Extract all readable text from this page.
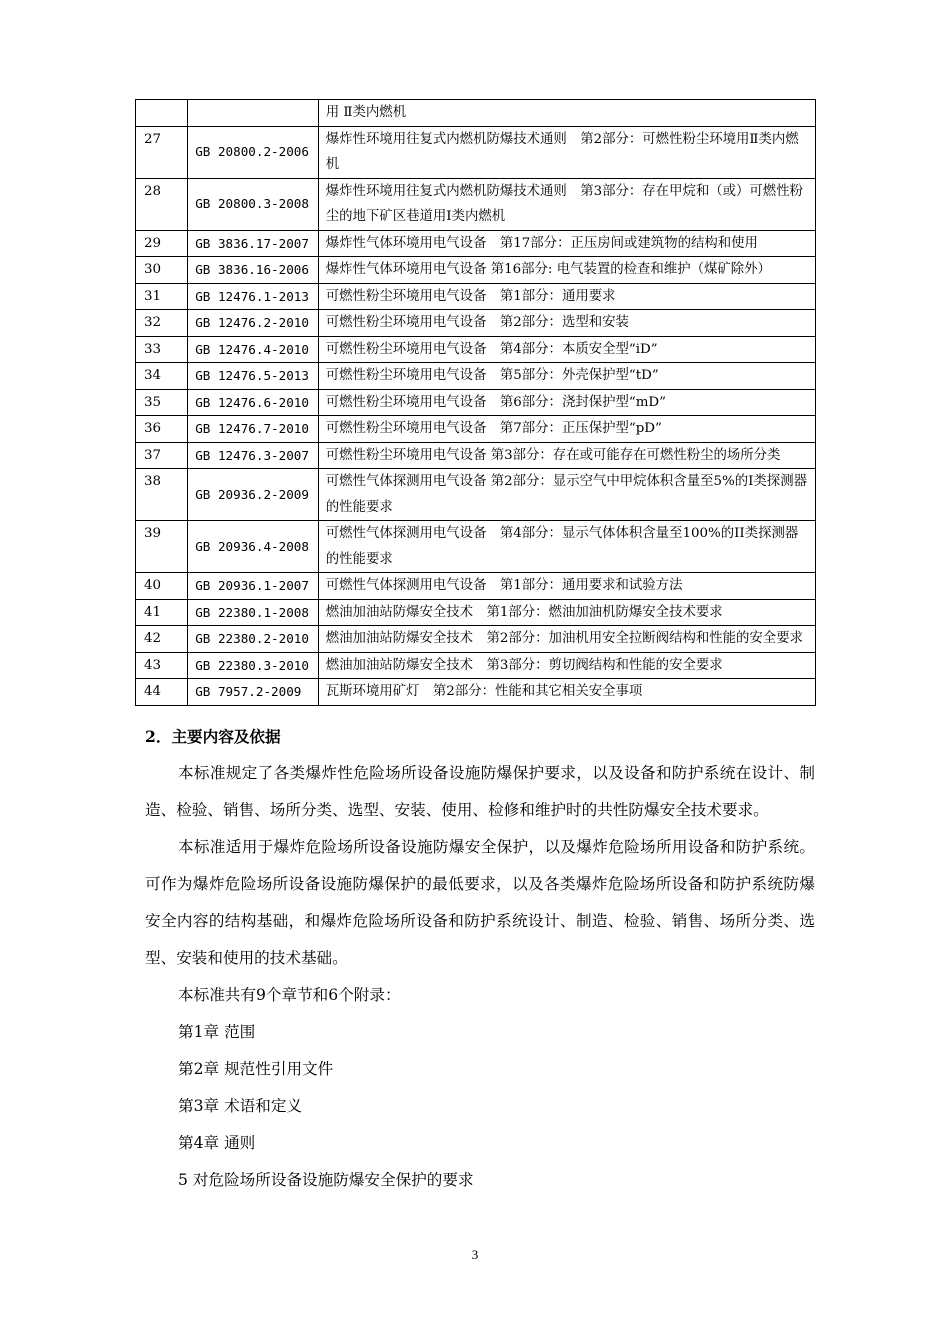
		用 Ⅱ类内燃机
27	GB 20800.2-2006	爆炸性环境用往复式内燃机防爆技术通则　第2部分：可燃性粉尘环境用Ⅱ类内燃机
28	GB 20800.3-2008	爆炸性环境用往复式内燃机防爆技术通则　第3部分：存在甲烷和（或）可燃性粉尘的地下矿区巷道用I类内燃机
29	GB 3836.17-2007	爆炸性气体环境用电气设备　第17部分：正压房间或建筑物的结构和使用
30	GB 3836.16-2006	爆炸性气体环境用电气设备 第16部分: 电气装置的检查和维护（煤矿除外）
31	GB 12476.1-2013	可燃性粉尘环境用电气设备　第1部分：通用要求
32	GB 12476.2-2010	可燃性粉尘环境用电气设备　第2部分：选型和安装
33	GB 12476.4-2010	可燃性粉尘环境用电气设备　第4部分：本质安全型“iD”
34	GB 12476.5-2013	可燃性粉尘环境用电气设备　第5部分：外壳保护型“tD”
35	GB 12476.6-2010	可燃性粉尘环境用电气设备　第6部分：浇封保护型“mD”
36	GB 12476.7-2010	可燃性粉尘环境用电气设备　第7部分：正压保护型“pD”
37	GB 12476.3-2007	可燃性粉尘环境用电气设备 第3部分：存在或可能存在可燃性粉尘的场所分类
38	GB 20936.2-2009	可燃性气体探测用电气设备 第2部分：显示空气中甲烷体积含量至5%的I类探测器的性能要求
39	GB 20936.4-2008	可燃性气体探测用电气设备　第4部分：显示气体体积含量至100%的II类探测器的性能要求
40	GB 20936.1-2007	可燃性气体探测用电气设备　第1部分：通用要求和试验方法
41	GB 22380.1-2008	燃油加油站防爆安全技术　第1部分：燃油加油机防爆安全技术要求
42	GB 22380.2-2010	燃油加油站防爆安全技术　第2部分：加油机用安全拉断阀结构和性能的安全要求
43	GB 22380.3-2010	燃油加油站防爆安全技术　第3部分：剪切阀结构和性能的安全要求
44	GB 7957.2-2009	瓦斯环境用矿灯　第2部分：性能和其它相关安全事项
2．主要内容及依据

本标准规定了各类爆炸性危险场所设备设施防爆保护要求，以及设备和防护系统在设计、制造、检验、销售、场所分类、选型、安装、使用、检修和维护时的共性防爆安全技术要求。

本标准适用于爆炸危险场所设备设施防爆安全保护，以及爆炸危险场所用设备和防护系统。可作为爆炸危险场所设备设施防爆保护的最低要求，以及各类爆炸危险场所设备和防护系统防爆安全内容的结构基础，和爆炸危险场所设备和防护系统设计、制造、检验、销售、场所分类、选型、安装和使用的技术基础。

本标准共有9个章节和6个附录：

第1章 范围
第2章 规范性引用文件
第3章 术语和定义
第4章 通则
5 对危险场所设备设施防爆安全保护的要求
3
